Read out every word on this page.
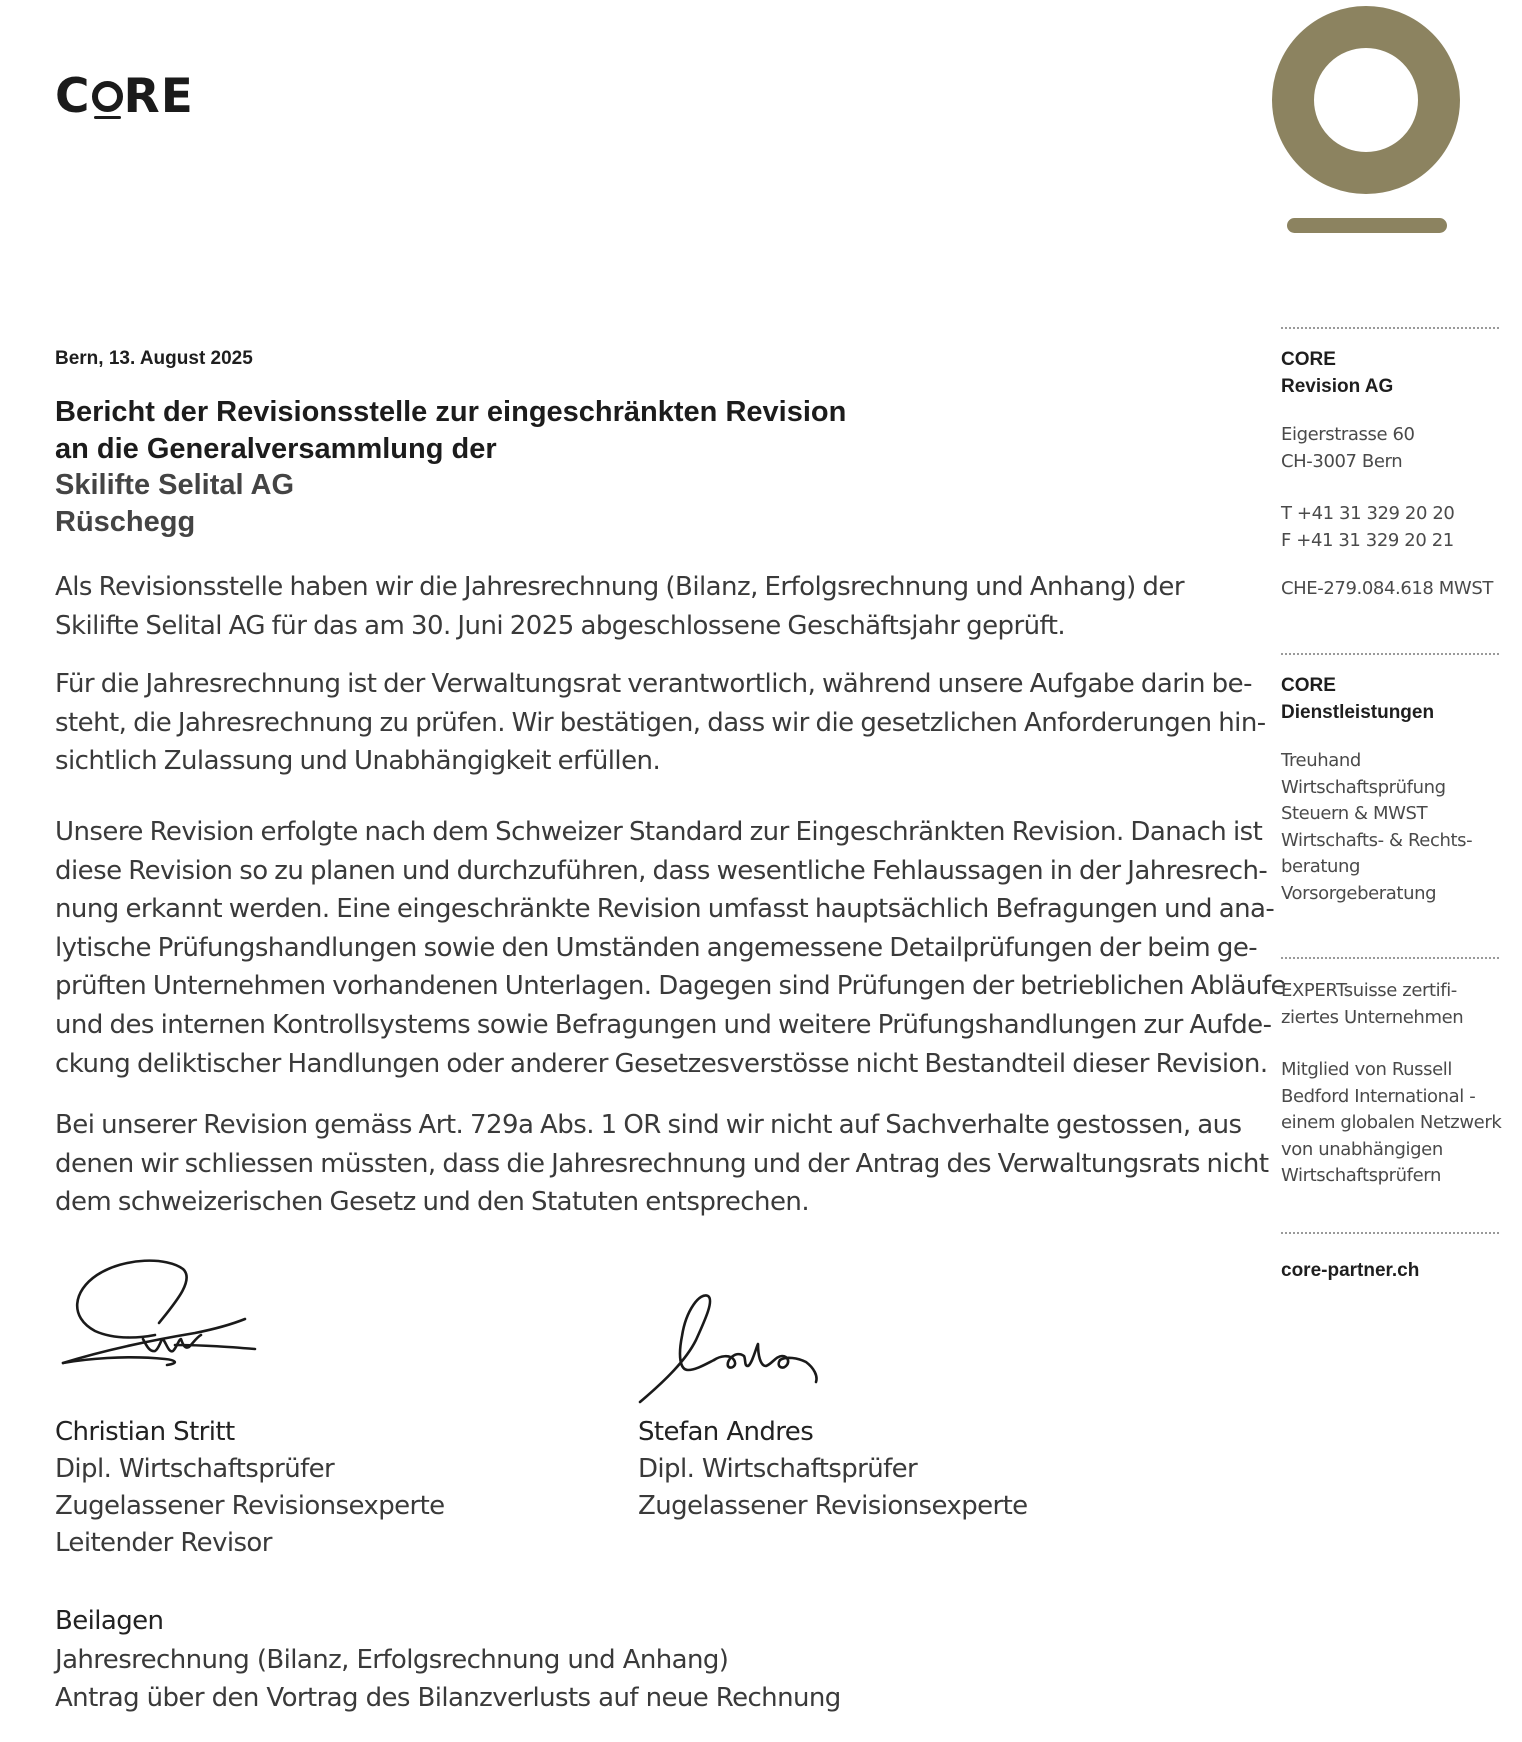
C R E
Bern, 13. August 2025
Bericht der Revisionsstelle zur eingeschränkten Revision
an die Generalversammlung der
Skilifte Selital AG
Rüschegg
Als Revisionsstelle haben wir die Jahresrechnung (Bilanz, Erfolgsrechnung und Anhang) der
Skilifte Selital AG für das am 30. Juni 2025 abgeschlossene Geschäftsjahr geprüft.
Für die Jahresrechnung ist der Verwaltungsrat verantwortlich, während unsere Aufgabe darin be-
steht, die Jahresrechnung zu prüfen. Wir bestätigen, dass wir die gesetzlichen Anforderungen hin-
sichtlich Zulassung und Unabhängigkeit erfüllen.
Unsere Revision erfolgte nach dem Schweizer Standard zur Eingeschränkten Revision. Danach ist
diese Revision so zu planen und durchzuführen, dass wesentliche Fehlaussagen in der Jahresrech-
nung erkannt werden. Eine eingeschränkte Revision umfasst hauptsächlich Befragungen und ana-
lytische Prüfungshandlungen sowie den Umständen angemessene Detailprüfungen der beim ge-
prüften Unternehmen vorhandenen Unterlagen. Dagegen sind Prüfungen der betrieblichen Abläufe
und des internen Kontrollsystems sowie Befragungen und weitere Prüfungshandlungen zur Aufde-
ckung deliktischer Handlungen oder anderer Gesetzesverstösse nicht Bestandteil dieser Revision.
Bei unserer Revision gemäss Art. 729a Abs. 1 OR sind wir nicht auf Sachverhalte gestossen, aus
denen wir schliessen müssten, dass die Jahresrechnung und der Antrag des Verwaltungsrats nicht
dem schweizerischen Gesetz und den Statuten entsprechen.
Christian Stritt
Dipl. Wirtschaftsprüfer
Zugelassener Revisionsexperte
Leitender Revisor
Stefan Andres
Dipl. Wirtschaftsprüfer
Zugelassener Revisionsexperte
Beilagen
Jahresrechnung (Bilanz, Erfolgsrechnung und Anhang)
Antrag über den Vortrag des Bilanzverlusts auf neue Rechnung
CORE
Revision AG
Eigerstrasse 60
CH-3007 Bern
T +41 31 329 20 20
F +41 31 329 20 21
CHE-279.084.618 MWST
CORE
Dienstleistungen
Treuhand
Wirtschaftsprüfung
Steuern & MWST
Wirtschafts- & Rechts-
beratung
Vorsorgeberatung
EXPERTsuisse zertifi-
ziertes Unternehmen
Mitglied von Russell
Bedford International -
einem globalen Netzwerk
von unabhängigen
Wirtschaftsprüfern
core-partner.ch
